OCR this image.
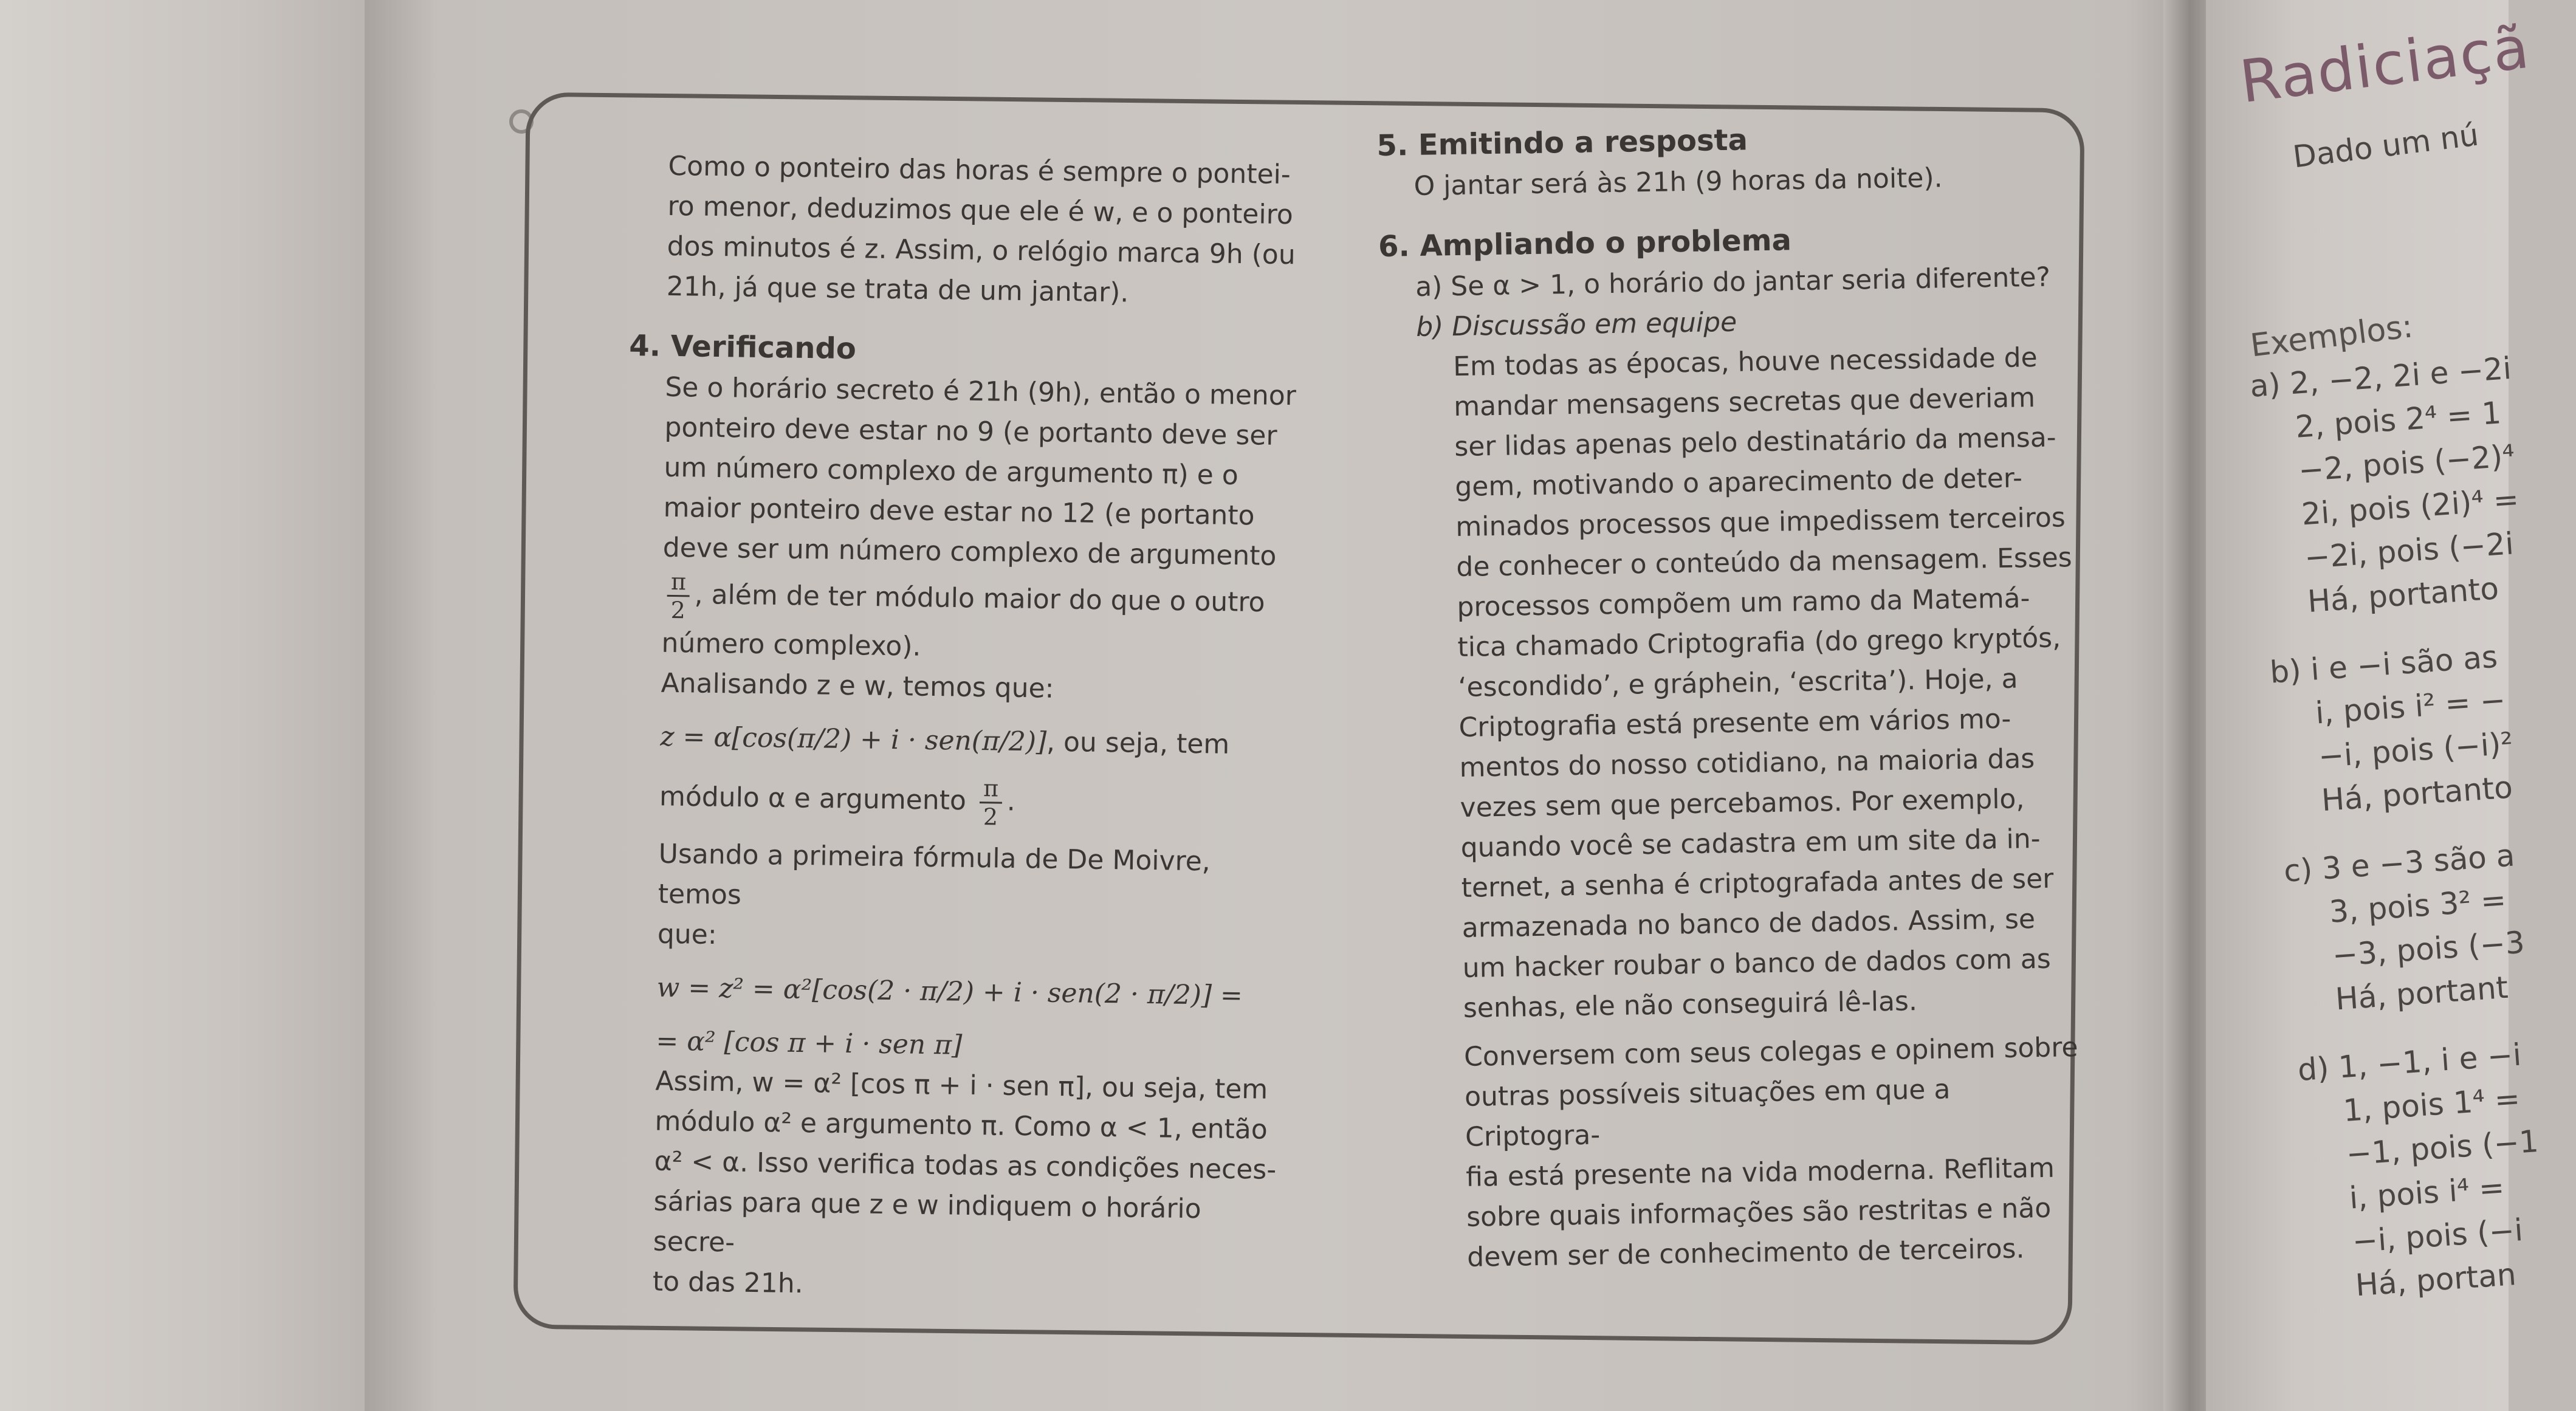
Como o ponteiro das horas é sempre o pontei-

ro menor, deduzimos que ele é w, e o ponteiro

dos minutos é z. Assim, o relógio marca 9h (ou

21h, já que se trata de um jantar).

4. Verificando

Se o horário secreto é 21h (9h), então o menor

ponteiro deve estar no 9 (e portanto deve ser

um número complexo de argumento π) e o

maior ponteiro deve estar no 12 (e portanto

deve ser um número complexo de argumento

$\frac{\pi}{2}$ , além de ter módulo maior do que o outro

número complexo).

Analisando z e w, temos que:

z = α[cos(π/2) + i · sen(π/2)], ou seja, tem

módulo α e argumento $\frac{\pi}{2}$ .

Usando a primeira fórmula de De Moivre, temos

que:

w = z² = α²[cos(2 · π/2) + i · sen(2 · π/2)] =

= α² [cos π + i · sen π]

Assim, w = α² [cos π + i · sen π], ou seja, tem

módulo α² e argumento π. Como α < 1, então

α² < α. Isso verifica todas as condições neces-

sárias para que z e w indiquem o horário secre-

to das 21h.

5. Emitindo a resposta

O jantar será às 21h (9 horas da noite).

6. Ampliando o problema

a) Se α > 1, o horário do jantar seria diferente?

b) Discussão em equipe

Em todas as épocas, houve necessidade de

mandar mensagens secretas que deveriam

ser lidas apenas pelo destinatário da mensa-

gem, motivando o aparecimento de deter-

minados processos que impedissem terceiros

de conhecer o conteúdo da mensagem. Esses

processos compõem um ramo da Matemá-

tica chamado Criptografia (do grego kryptós,

‘escondido’, e gráphein, ‘escrita’). Hoje, a

Criptografia está presente em vários mo-

mentos do nosso cotidiano, na maioria das

vezes sem que percebamos. Por exemplo,

quando você se cadastra em um site da in-

ternet, a senha é criptografada antes de ser

armazenada no banco de dados. Assim, se

um hacker roubar o banco de dados com as

senhas, ele não conseguirá lê-las.

Conversem com seus colegas e opinem sobre

outras possíveis situações em que a Criptogra-

fia está presente na vida moderna. Reflitam

sobre quais informações são restritas e não

devem ser de conhecimento de terceiros.

Radiciaçã
Dado um nú
Exemplos:
a) 2, −2, 2i e −2i
2, pois 2⁴ = 1
−2, pois (−2)⁴
2i, pois (2i)⁴ =
−2i, pois (−2i
Há, portanto
b) i e −i são as
i, pois i² = −
−i, pois (−i)²
Há, portanto
c) 3 e −3 são a
3, pois 3² =
−3, pois (−3
Há, portant
d) 1, −1, i e −i
1, pois 1⁴ =
−1, pois (−1
i, pois i⁴ =
−i, pois (−i
Há, portan
